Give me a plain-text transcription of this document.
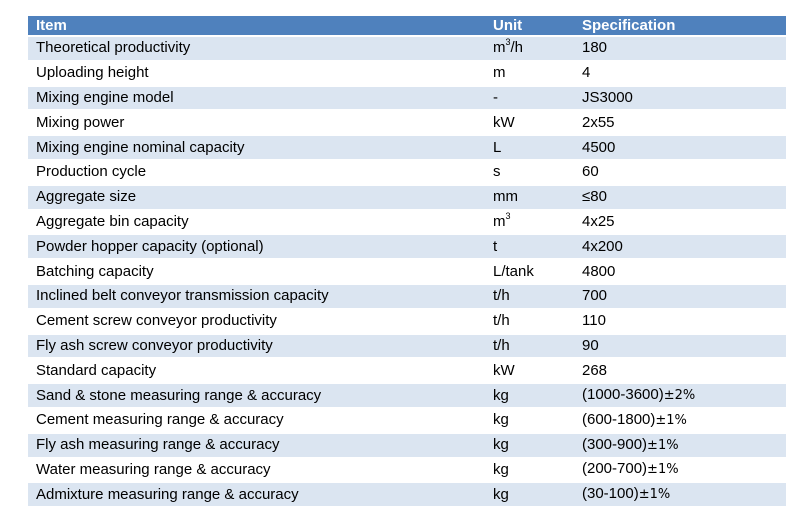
Item	Unit	Specification
Theoretical productivity	$m^3/h$	180
Uploading height	m	4
Mixing engine model	-	JS3000
Mixing power	kW	2x55
Mixing engine nominal capacity	L	4500
Production cycle	s	60
Aggregate size	mm	≤80
Aggregate bin capacity	$m^3$	4x25
Powder hopper capacity (optional)	t	4x200
Batching capacity	L/tank	4800
Inclined belt conveyor transmission capacity	t/h	700
Cement screw conveyor productivity	t/h	110
Fly ash screw conveyor productivity	t/h	90
Standard capacity	kW	268
Sand & stone measuring range & accuracy	kg	(1000-3600)±2%
Cement measuring range & accuracy	kg	(600-1800)±1%
Fly ash measuring range & accuracy	kg	(300-900)±1%
Water measuring range & accuracy	kg	(200-700)±1%
Admixture measuring range & accuracy	kg	(30-100)±1%
